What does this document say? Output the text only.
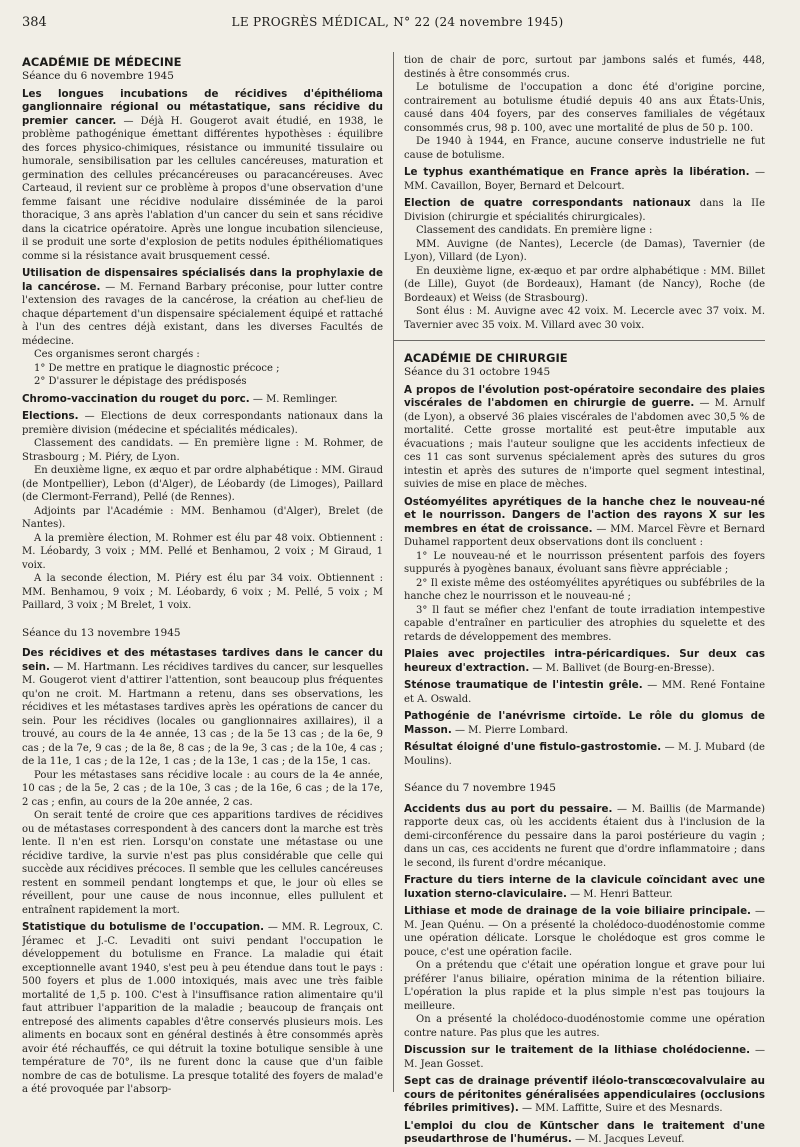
384	LE PROGRÈS MÉDICAL, N° 22 (24 novembre 1945)

ACADÉMIE DE MÉDECINE

Séance du 6 novembre 1945

Les longues incubations de récidives d'épithélioma ganglionnaire régional ou métastatique, sans récidive du premier cancer. — Déjà H. Gougerot avait étudié, en 1938, le problème pathogénique émettant différentes hypothèses : équilibre des forces physico-chimiques, résistance ou immunité tissulaire ou humorale, sensibilisation par les cellules cancéreuses, maturation et germination des cellules précancéreuses ou paracancéreuses. Avec Carteaud, il revient sur ce problème à propos d'une observation d'une femme faisant une récidive nodulaire disséminée de la paroi thoracique, 3 ans après l'ablation d'un cancer du sein et sans récidive dans la cicatrice opératoire. Après une longue incubation silencieuse, il se produit une sorte d'explosion de petits nodules épithéliomatiques comme si la résistance avait brusquement cessé.

Utilisation de dispensaires spécialisés dans la prophylaxie de la cancérose. — M. Fernand Barbary préconise, pour lutter contre l'extension des ravages de la cancérose, la création au chef-lieu de chaque département d'un dispensaire spécialement équipé et rattaché à l'un des centres déjà existant, dans les diverses Facultés de médecine.

Ces organismes seront chargés :

1° De mettre en pratique le diagnostic précoce ;

2° D'assurer le dépistage des prédisposés

Chromo-vaccination du rouget du porc. — M. Remlinger.

Elections. — Elections de deux correspondants nationaux dans la première division (médecine et spécialités médicales).

Classement des candidats. — En première ligne : M. Rohmer, de Strasbourg ; M. Piéry, de Lyon.

En deuxième ligne, ex æquo et par ordre alphabétique : MM. Giraud (de Montpellier), Lebon (d'Alger), de Léobardy (de Limoges), Paillard (de Clermont-Ferrand), Pellé (de Rennes).

Adjoints par l'Académie : MM. Benhamou (d'Alger), Brelet (de Nantes).

A la première élection, M. Rohmer est élu par 48 voix. Obtiennent : M. Léobardy, 3 voix ; MM. Pellé et Benhamou, 2 voix ; M Giraud, 1 voix.

A la seconde élection, M. Piéry est élu par 34 voix. Obtiennent : MM. Benhamou, 9 voix ; M. Léobardy, 6 voix ; M. Pellé, 5 voix ; M Paillard, 3 voix ; M Brelet, 1 voix.

Séance du 13 novembre 1945

Des récidives et des métastases tardives dans le cancer du sein. — M. Hartmann. Les récidives tardives du cancer, sur lesquelles M. Gougerot vient d'attirer l'attention, sont beaucoup plus fréquentes qu'on ne croit. M. Hartmann a retenu, dans ses observations, les récidives et les métastases tardives après les opérations de cancer du sein. Pour les récidives (locales ou ganglionnaires axillaires), il a trouvé, au cours de la 4e année, 13 cas ; de la 5e 13 cas ; de la 6e, 9 cas ; de la 7e, 9 cas ; de la 8e, 8 cas ; de la 9e, 3 cas ; de la 10e, 4 cas ; de la 11e, 1 cas ; de la 12e, 1 cas ; de la 13e, 1 cas ; de la 15e, 1 cas.

Pour les métastases sans récidive locale : au cours de la 4e année, 10 cas ; de la 5e, 2 cas ; de la 10e, 3 cas ; de la 16e, 6 cas ; de la 17e, 2 cas ; enfin, au cours de la 20e année, 2 cas.

On serait tenté de croire que ces apparitions tardives de récidives ou de métastases correspondent à des cancers dont la marche est très lente. Il n'en est rien. Lorsqu'on constate une métastase ou une récidive tardive, la survie n'est pas plus considérable que celle qui succède aux récidives précoces. Il semble que les cellules cancéreuses restent en sommeil pendant longtemps et que, le jour où elles se réveillent, pour une cause de nous inconnue, elles pullulent et entraînent rapidement la mort.

Statistique du botulisme de l'occupation. — MM. R. Legroux, C. Jéramec et J.-C. Levaditi ont suivi pendant l'occupation le développement du botulisme en France. La maladie qui était exceptionnelle avant 1940, s'est peu à peu étendue dans tout le pays : 500 foyers et plus de 1.000 intoxiqués, mais avec une très faible mortalité de 1,5 p. 100. C'est à l'insuffisance ration alimentaire qu'il faut attribuer l'apparition de la maladie ; beaucoup de français ont entreposé des aliments capables d'être conservés plusieurs mois. Les aliments en bocaux sont en général destinés à être consommés après avoir été réchauffés, ce qui détruit la toxine botulique sensible à une température de 70°, ils ne furent donc la cause que d'un faible nombre de cas de botulisme. La presque totalité des foyers de malad'e a été provoquée par l'absorp-

tion de chair de porc, surtout par jambons salés et fumés, 448, destinés à être consommés crus.

Le botulisme de l'occupation a donc été d'origine porcine, contrairement au botulisme étudié depuis 40 ans aux États-Unis, causé dans 404 foyers, par des conserves familiales de végétaux consommés crus, 98 p. 100, avec une mortalité de plus de 50 p. 100.

De 1940 à 1944, en France, aucune conserve industrielle ne fut cause de botulisme.

Le typhus exanthématique en France après la libération. — MM. Cavaillon, Boyer, Bernard et Delcourt.

Election de quatre correspondants nationaux dans la IIe Division (chirurgie et spécialités chirurgicales).

Classement des candidats. En première ligne :

MM. Auvigne (de Nantes), Lecercle (de Damas), Tavernier (de Lyon), Villard (de Lyon).

En deuxième ligne, ex-æquo et par ordre alphabétique : MM. Billet (de Lille), Guyot (de Bordeaux), Hamant (de Nancy), Roche (de Bordeaux) et Weiss (de Strasbourg).

Sont élus : M. Auvigne avec 42 voix. M. Lecercle avec 37 voix. M. Tavernier avec 35 voix. M. Villard avec 30 voix.

ACADÉMIE DE CHIRURGIE

Séance du 31 octobre 1945

A propos de l'évolution post-opératoire secondaire des plaies viscérales de l'abdomen en chirurgie de guerre. — M. Arnulf (de Lyon), a observé 36 plaies viscérales de l'abdomen avec 30,5 % de mortalité. Cette grosse mortalité est peut-être imputable aux évacuations ; mais l'auteur souligne que les accidents infectieux de ces 11 cas sont survenus spécialement après des sutures du gros intestin et après des sutures de n'importe quel segment intestinal, suivies de mise en place de mèches.

Ostéomyélites apyrétiques de la hanche chez le nouveau-né et le nourrisson. Dangers de l'action des rayons X sur les membres en état de croissance. — MM. Marcel Fèvre et Bernard Duhamel rapportent deux observations dont ils concluent :

1° Le nouveau-né et le nourrisson présentent parfois des foyers suppurés à pyogènes banaux, évoluant sans fièvre appréciable ;

2° Il existe même des ostéomyélites apyrétiques ou subfébriles de la hanche chez le nourrisson et le nouveau-né ;

3° Il faut se méfier chez l'enfant de toute irradiation intempestive capable d'entraîner en particulier des atrophies du squelette et des retards de développement des membres.

Plaies avec projectiles intra-péricardiques. Sur deux cas heureux d'extraction. — M. Ballivet (de Bourg-en-Bresse).

Sténose traumatique de l'intestin grêle. — MM. René Fontaine et A. Oswald.

Pathogénie de l'anévrisme cirtoïde. Le rôle du glomus de Masson. — M. Pierre Lombard.

Résultat éloigné d'une fistulo-gastrostomie. — M. J. Mubard (de Moulins).

Séance du 7 novembre 1945

Accidents dus au port du pessaire. — M. Baillis (de Marmande) rapporte deux cas, où les accidents étaient dus à l'inclusion de la demi-circonférence du pessaire dans la paroi postérieure du vagin ; dans un cas, ces accidents ne furent que d'ordre inflammatoire ; dans le second, ils furent d'ordre mécanique.

Fracture du tiers interne de la clavicule coïncidant avec une luxation sterno-claviculaire. — M. Henri Batteur.

Lithiase et mode de drainage de la voie biliaire principale. — M. Jean Quénu. — On a présenté la cholédoco-duodénostomie comme une opération délicate. Lorsque le cholédoque est gros comme le pouce, c'est une opération facile.

On a prétendu que c'était une opération longue et grave pour lui préférer l'anus biliaire, opération minima de la rétention biliaire. L'opération la plus rapide et la plus simple n'est pas toujours la meilleure.

On a présenté la cholédoco-duodénostomie comme une opération contre nature. Pas plus que les autres.

Discussion sur le traitement de la lithiase cholédocienne. — M. Jean Gosset.

Sept cas de drainage préventif iléolo-transcœcovalvulaire au cours de péritonites généralisées appendiculaires (occlusions fébriles primitives). — MM. Laffitte, Suire et des Mesnards.

L'emploi du clou de Küntscher dans le traitement d'une pseudarthrose de l'humérus. — M. Jacques Leveuf.
